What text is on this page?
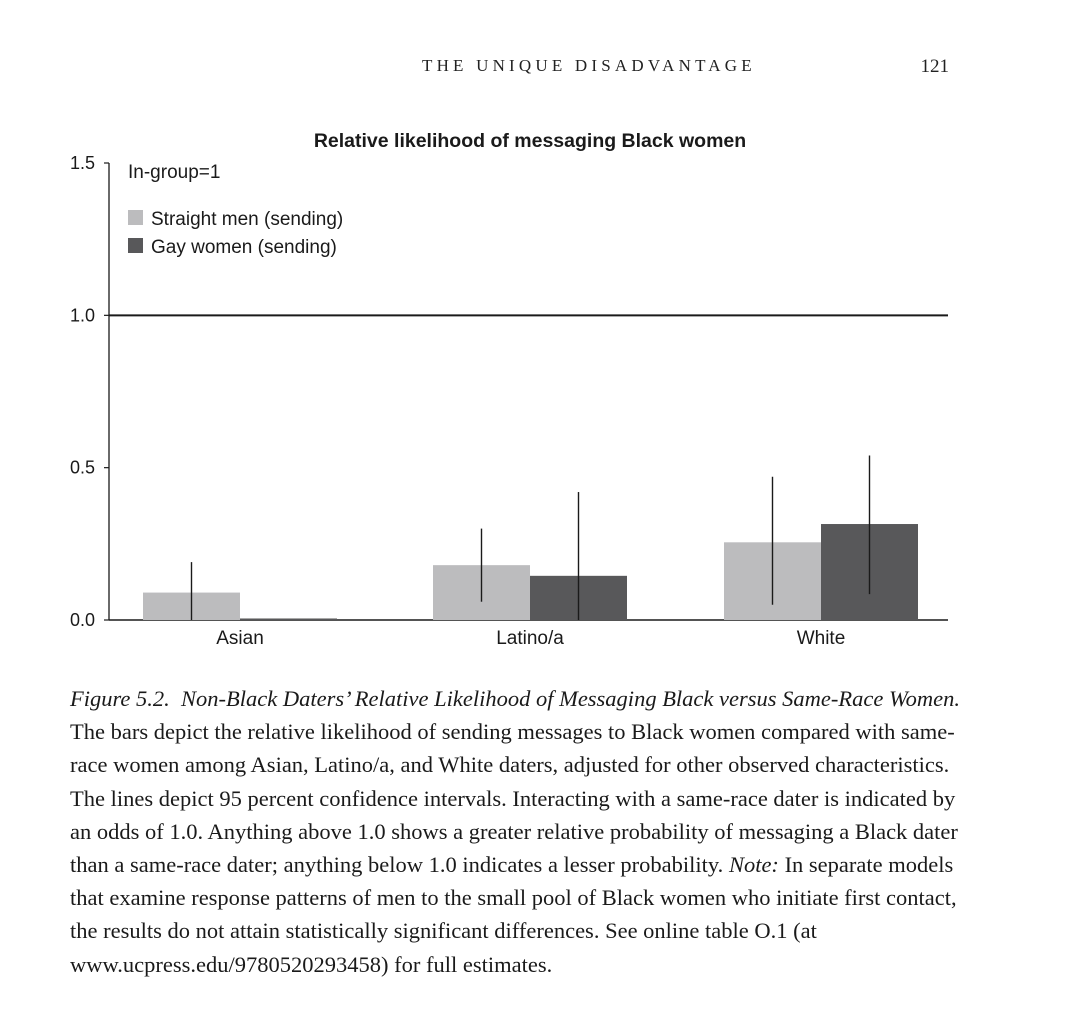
THE UNIQUE DISADVANTAGE	121
Relative likelihood of messaging Black women
0.0
0.5
1.0
1.5
Asian	Latino/a	White
In-group=1
Straight men (sending)
Gay women (sending)
Figure 5.2. Non-Black Daters’ Relative Likelihood of Messaging Black versus Same-Race Women. The bars depict the relative likelihood of sending messages to Black women compared with same-race women among Asian, Latino/a, and White daters, adjusted for other observed characteristics. The lines depict 95 percent confidence intervals. Interacting with a same-race dater is indicated by an odds of 1.0. Anything above 1.0 shows a greater relative probability of messaging a Black dater than a same-race dater; anything below 1.0 indicates a lesser probability. Note: In separate models that examine response patterns of men to the small pool of Black women who initiate first contact, the results do not attain statistically significant differences. See online table O.1 (at www.ucpress.edu/9780520293458) for full estimates.
